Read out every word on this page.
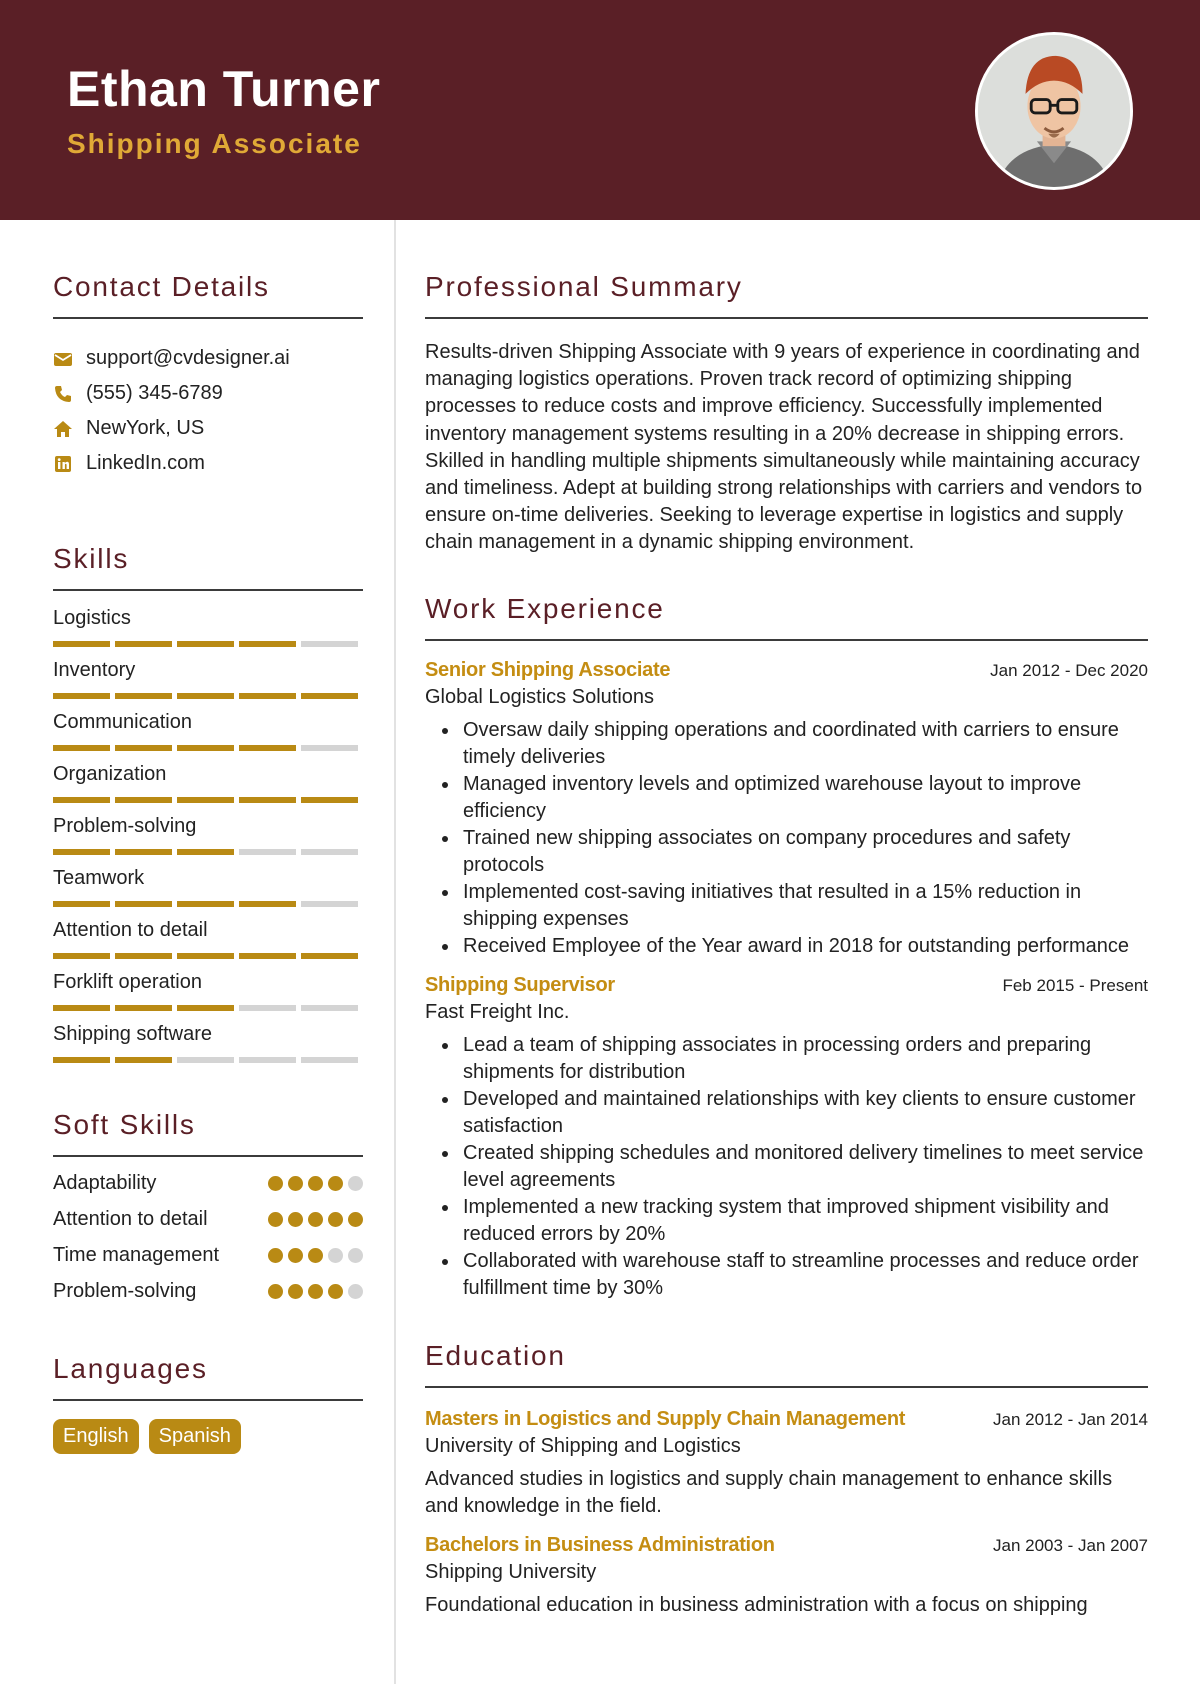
Ethan Turner
Shipping Associate
Contact Details
support@cvdesigner.ai
(555) 345-6789
NewYork, US
LinkedIn.com
Skills
Logistics
Inventory
Communication
Organization
Problem-solving
Teamwork
Attention to detail
Forklift operation
Shipping software
Soft Skills
Adaptability
Attention to detail
Time management
Problem-solving
Languages
English	Spanish
Professional Summary

Results-driven Shipping Associate with 9 years of experience in coordinating and managing logistics operations. Proven track record of optimizing shipping processes to reduce costs and improve efficiency. Successfully implemented inventory management systems resulting in a 20% decrease in shipping errors. Skilled in handling multiple shipments simultaneously while maintaining accuracy and timeliness. Adept at building strong relationships with carriers and vendors to ensure on-time deliveries. Seeking to leverage expertise in logistics and supply chain management in a dynamic shipping environment.

Work Experience
Senior Shipping Associate	Jan 2012 - Dec 2020
Global Logistics Solutions
Oversaw daily shipping operations and coordinated with carriers to ensure timely deliveries
Managed inventory levels and optimized warehouse layout to improve efficiency
Trained new shipping associates on company procedures and safety protocols
Implemented cost-saving initiatives that resulted in a 15% reduction in shipping expenses
Received Employee of the Year award in 2018 for outstanding performance
Shipping Supervisor	Feb 2015 - Present
Fast Freight Inc.
Lead a team of shipping associates in processing orders and preparing shipments for distribution
Developed and maintained relationships with key clients to ensure customer satisfaction
Created shipping schedules and monitored delivery timelines to meet service level agreements
Implemented a new tracking system that improved shipment visibility and reduced errors by 20%
Collaborated with warehouse staff to streamline processes and reduce order fulfillment time by 30%
Education
Masters in Logistics and Supply Chain Management	Jan 2012 - Jan 2014
University of Shipping and Logistics

Advanced studies in logistics and supply chain management to enhance skills and knowledge in the field.

Bachelors in Business Administration	Jan 2003 - Jan 2007
Shipping University

Foundational education in business administration with a focus on shipping
